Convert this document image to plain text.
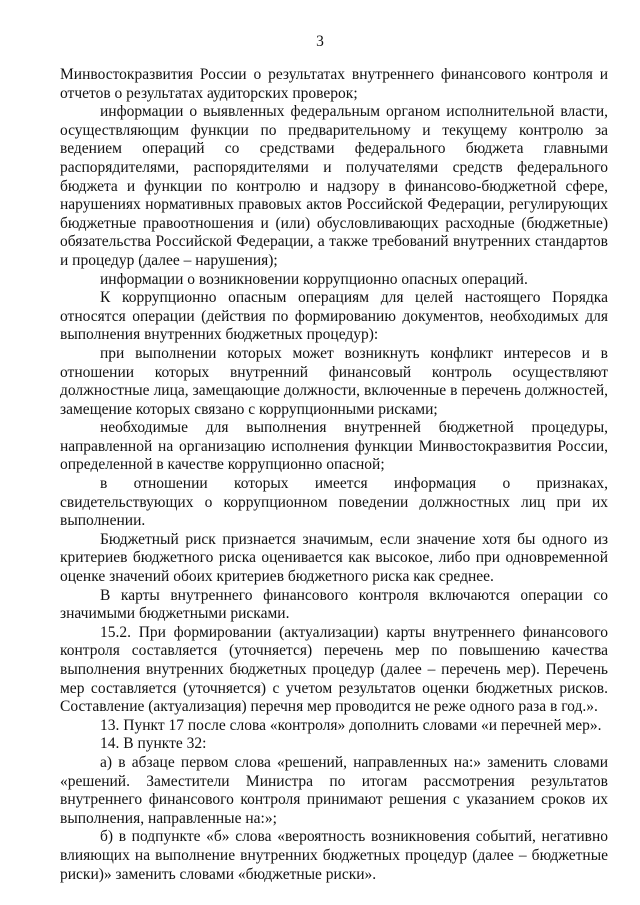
3

Минвостокразвития России о результатах внутреннего финансового контроля и отчетов о результатах аудиторских проверок;

информации о выявленных федеральным органом исполнительной власти, осуществляющим функции по предварительному и текущему контролю за ведением операций со средствами федерального бюджета главными распорядителями, распорядителями и получателями средств федерального бюджета и функции по контролю и надзору в финансово-бюджетной сфере, нарушениях нормативных правовых актов Российской Федерации, регулирующих бюджетные правоотношения и (или) обусловливающих расходные (бюджетные) обязательства Российской Федерации, а также требований внутренних стандартов и процедур (далее – нарушения);

информации о возникновении коррупционно опасных операций.

К коррупционно опасным операциям для целей настоящего Порядка относятся операции (действия по формированию документов, необходимых для выполнения внутренних бюджетных процедур):

при выполнении которых может возникнуть конфликт интересов и в отношении которых внутренний финансовый контроль осуществляют должностные лица, замещающие должности, включенные в перечень должностей, замещение которых связано с коррупционными рисками;

необходимые для выполнения внутренней бюджетной процедуры, направленной на организацию исполнения функции Минвостокразвития России, определенной в качестве коррупционно опасной;

в отношении которых имеется информация о признаках, свидетельствующих о коррупционном поведении должностных лиц при их выполнении.

Бюджетный риск признается значимым, если значение хотя бы одного из критериев бюджетного риска оценивается как высокое, либо при одновременной оценке значений обоих критериев бюджетного риска как среднее.

В карты внутреннего финансового контроля включаются операции со значимыми бюджетными рисками.

15.2. При формировании (актуализации) карты внутреннего финансового контроля составляется (уточняется) перечень мер по повышению качества выполнения внутренних бюджетных процедур (далее – перечень мер). Перечень мер составляется (уточняется) с учетом результатов оценки бюджетных рисков. Составление (актуализация) перечня мер проводится не реже одного раза в год.».

13. Пункт 17 после слова «контроля» дополнить словами «и перечней мер».

14. В пункте 32:

а) в абзаце первом слова «решений, направленных на:» заменить словами «решений. Заместители Министра по итогам рассмотрения результатов внутреннего финансового контроля принимают решения с указанием сроков их выполнения, направленные на:»;

б) в подпункте «б» слова «вероятность возникновения событий, негативно влияющих на выполнение внутренних бюджетных процедур (далее – бюджетные риски)» заменить словами «бюджетные риски».
